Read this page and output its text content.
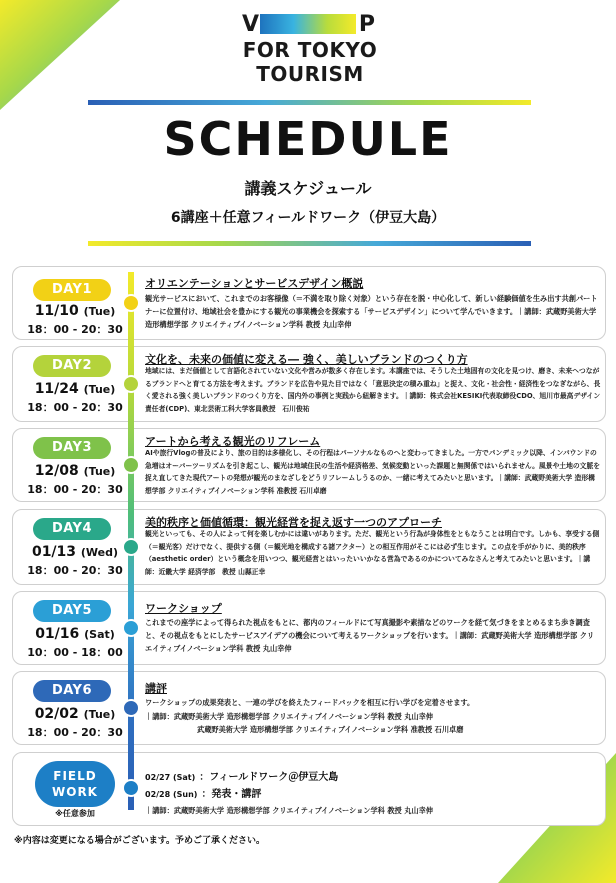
V	P
FOR TOKYO
TOURISM
SCHEDULE
講義スケジュール
6講座＋任意フィールドワーク（伊豆大島）
DAY1
11/10 (Tue)
18：00 - 20：30
オリエンテーションとサービスデザイン概説
観光サービスにおいて、これまでのお客様像（＝不満を取り除く対象）という存在を脱・中心化して、新しい経験価値を生み出す共創パートナーに位置付け、地域社会を豊かにする観光の事業機会を探索する「サービスデザイン」について学んでいきます。｜講師：武蔵野美術大学 造形構想学部 クリエイティブイノベーション学科 教授 丸山幸伸
DAY2
11/24 (Tue)
18：00 - 20：30
文化を、未来の価値に変える― 強く、美しいブランドのつくり方
地域には、まだ価値として言語化されていない文化や営みが数多く存在します。本講座では、そうした土地固有の文化を見つけ、磨き、未来へつながるブランドへと育てる方法を考えます。ブランドを広告や見た目ではなく「意思決定の積み重ね」と捉え、文化・社会性・経済性をつなぎながら、長く愛される強く美しいブランドのつくり方を、国内外の事例と実践から紐解きます。｜講師：株式会社KESIKI代表取締役CDO、旭川市最高デザイン責任者(CDP)、東北芸術工科大学客員教授　石川俊祐
DAY3
12/08 (Tue)
18：00 - 20：30
アートから考える観光のリフレーム
AIや旅行Vlogの普及により、旅の目的は多様化し、その行程はパーソナルなものへと変わってきました。一方でパンデミック以降、インバウンドの急増はオーバーツーリズムを引き起こし、観光は地域住民の生活や経済格差、気候変動といった課題と無関係ではいられません。風景や土地の文脈を捉え直してきた現代アートの発想が観光のまなざしをどうリフレームしうるのか、一緒に考えてみたいと思います。｜講師：武蔵野美術大学 造形構想学部 クリエイティブイノベーション学科 准教授 石川卓磨
DAY4
01/13 (Wed)
18：00 - 20：30
美的秩序と価値循環：観光経営を捉え返す一つのアプローチ
観光といっても、その人によって何を楽しむかには違いがあります。ただ、観光という行為が身体性をともなうことは明白です。しかも、享受する側（＝観光客）だけでなく、提供する側（＝観光地を構成する諸アクター）との相互作用がそこには必ず生じます。この点を手がかりに、美的秩序（aesthetic order）という概念を用いつつ、観光経営とはいったいいかなる営為であるのかについてみなさんと考えてみたいと思います。｜講師：近畿大学 経済学部　教授 山縣正幸
DAY5
01/16 (Sat)
10：00 - 18：00
ワークショップ
これまでの座学によって得られた視点をもとに、都内のフィールドにて写真撮影や素描などのワークを経て気づきをまとめるまち歩き調査と、その視点をもとにしたサービスアイデアの機会について考えるワークショップを行います。｜講師：武蔵野美術大学 造形構想学部 クリエイティブイノベーション学科 教授 丸山幸伸
DAY6
02/02 (Tue)
18：00 - 20：30
講評
ワークショップの成果発表と、一連の学びを終えたフィードバックを相互に行い学びを定着させます。
｜講師：武蔵野美術大学 造形構想学部 クリエイティブイノベーション学科 教授 丸山幸伸
武蔵野美術大学 造形構想学部 クリエイティブイノベーション学科 准教授 石川卓磨
FIELD
WORK
※任意参加
02/27 (Sat) ：フィールドワーク＠伊豆大島
02/28 (Sun) ：発表・講評
｜講師：武蔵野美術大学 造形構想学部 クリエイティブイノベーション学科 教授 丸山幸伸
※内容は変更になる場合がございます。予めご了承ください。
